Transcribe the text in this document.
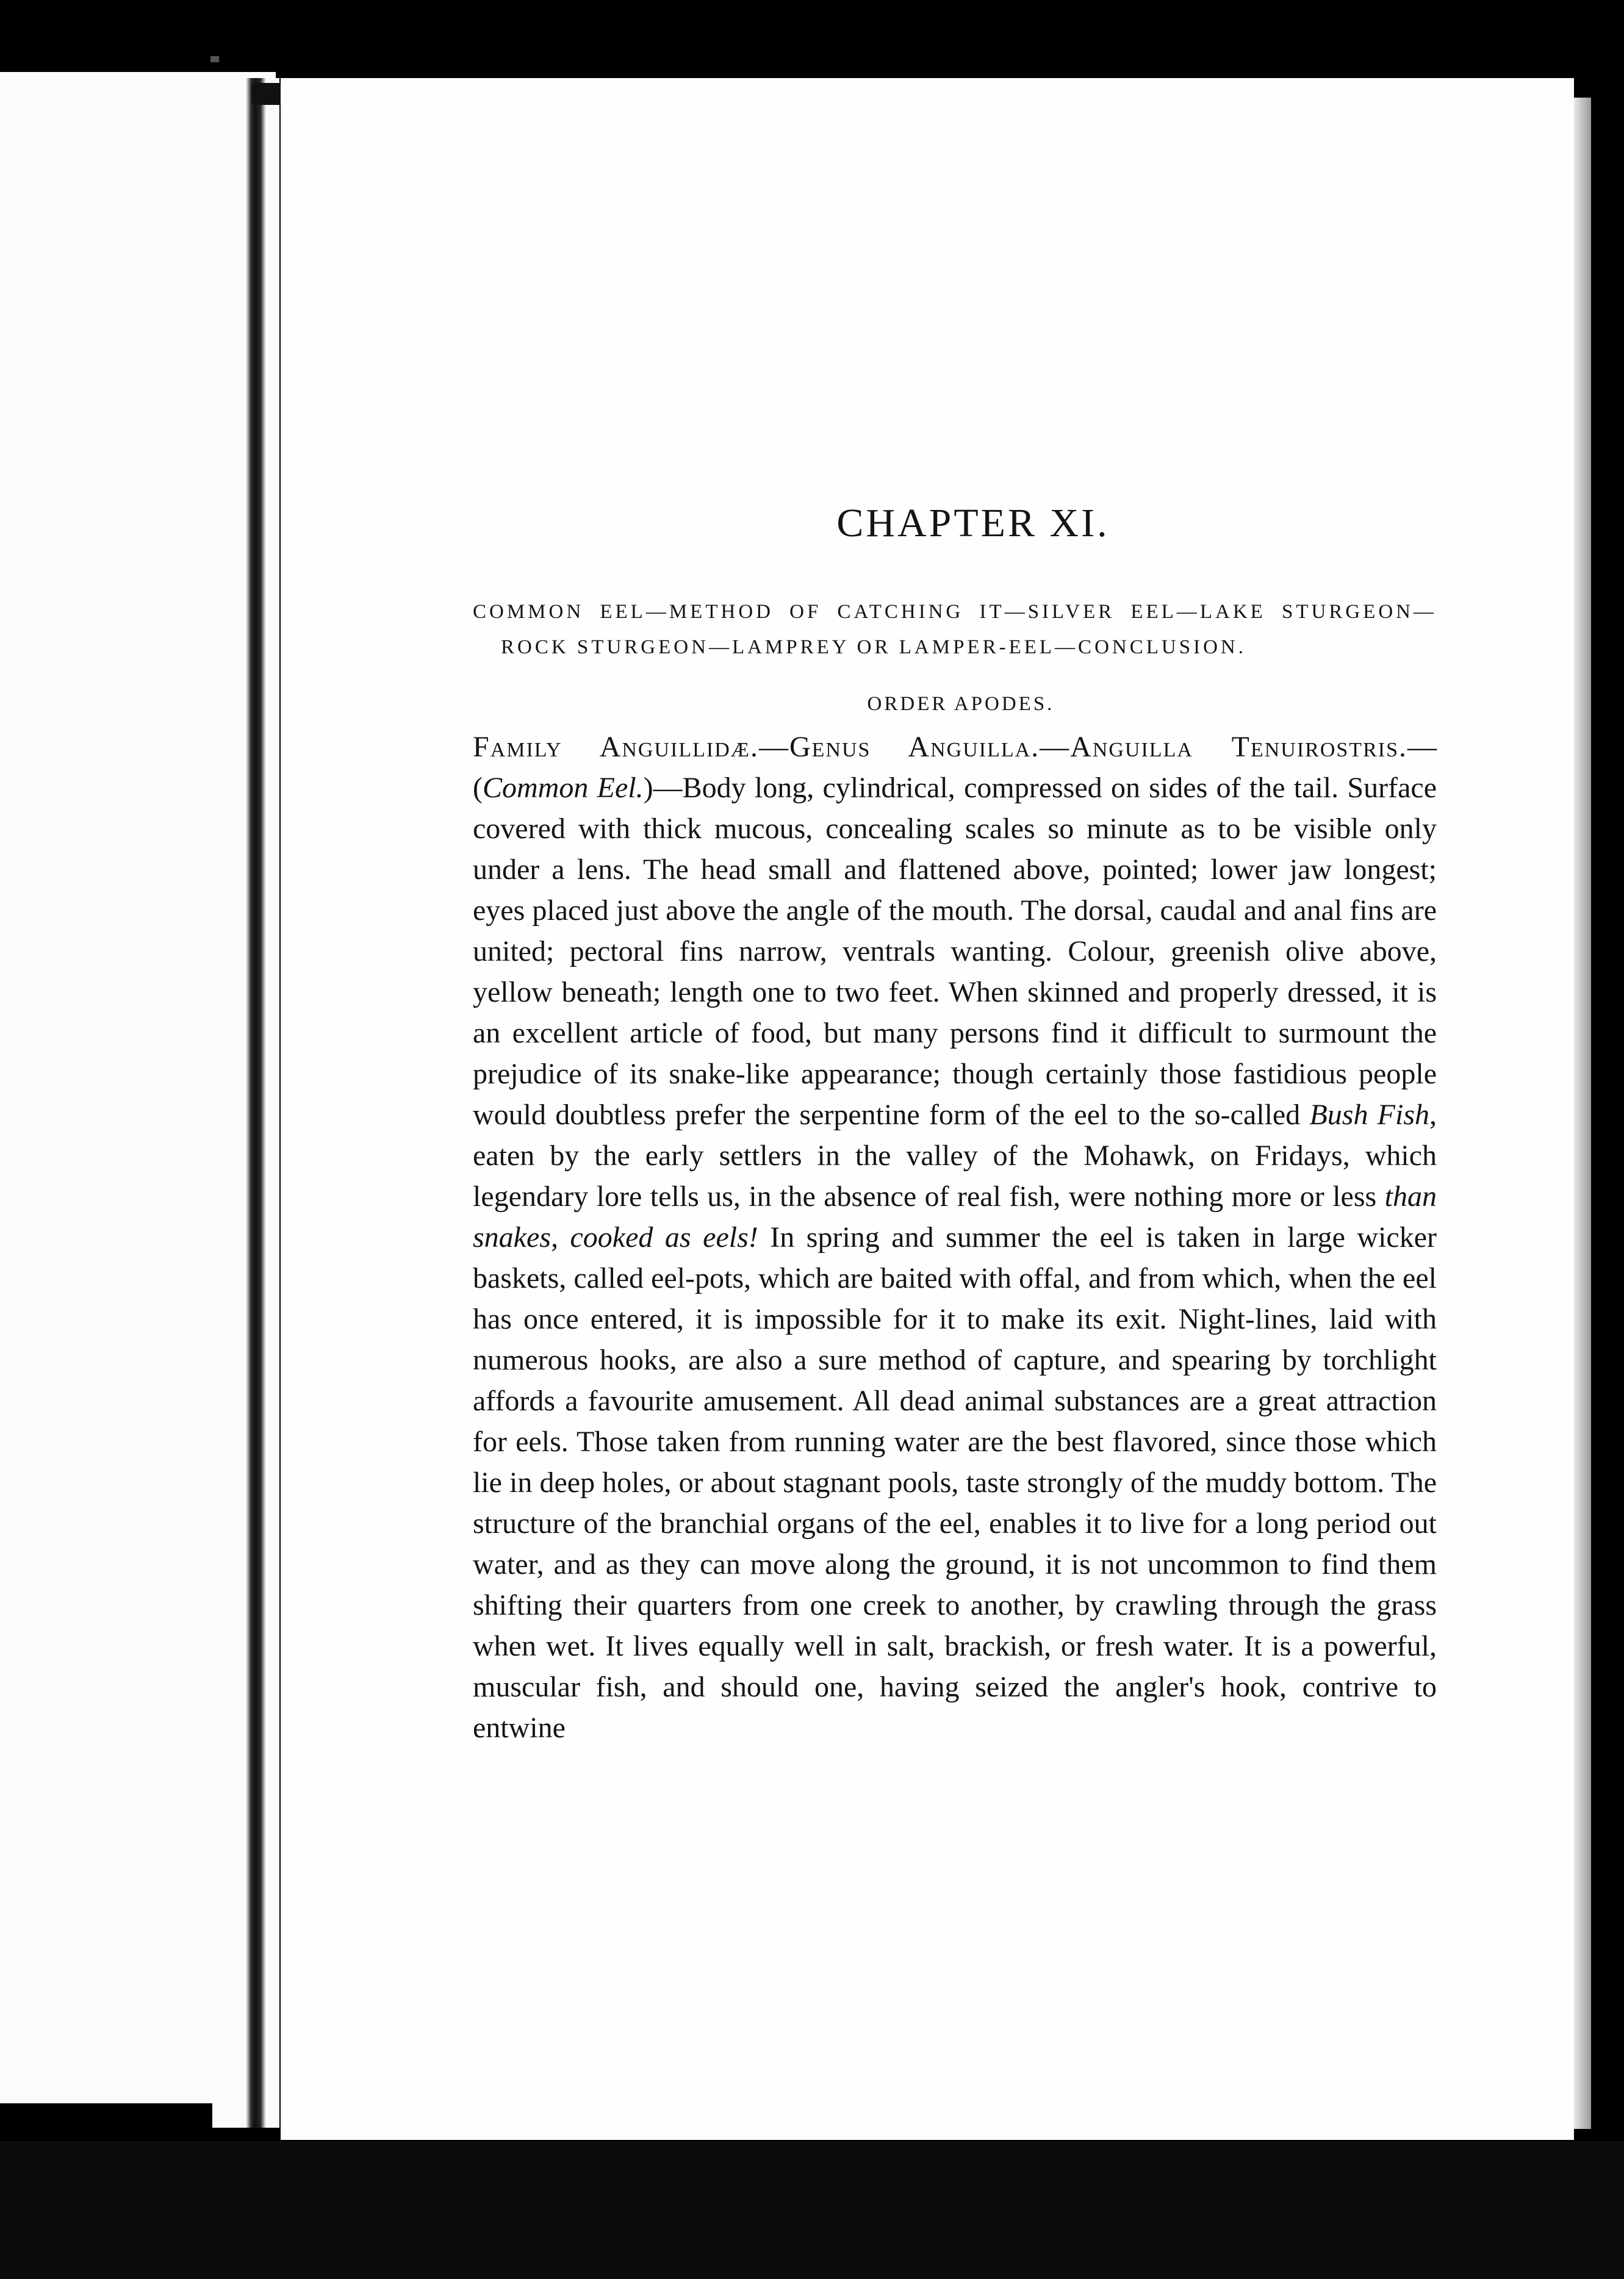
CHAPTER XI.

COMMON EEL—METHOD OF CATCHING IT—SILVER EEL—LAKE STURGEON—ROCK STURGEON—LAMPREY OR LAMPER-EEL—CONCLUSION.

ORDER APODES.

Family Anguillidæ.—Genus Anguilla.—Anguilla Tenuirostris.—(Common Eel.)—Body long, cylindrical, compressed on sides of the tail. Surface covered with thick mucous, concealing scales so minute as to be visible only under a lens. The head small and flattened above, pointed; lower jaw longest; eyes placed just above the angle of the mouth. The dorsal, caudal and anal fins are united; pectoral fins narrow, ventrals wanting. Colour, greenish olive above, yellow beneath; length one to two feet. When skinned and properly dressed, it is an excellent article of food, but many persons find it difficult to surmount the prejudice of its snake-like appearance; though certainly those fastidious people would doubtless prefer the serpentine form of the eel to the so-called Bush Fish, eaten by the early settlers in the valley of the Mohawk, on Fridays, which legendary lore tells us, in the absence of real fish, were nothing more or less than snakes, cooked as eels! In spring and summer the eel is taken in large wicker baskets, called eel-pots, which are baited with offal, and from which, when the eel has once entered, it is impossible for it to make its exit. Night-lines, laid with numerous hooks, are also a sure method of capture, and spearing by torchlight affords a favourite amusement. All dead animal substances are a great attraction for eels. Those taken from running water are the best flavored, since those which lie in deep holes, or about stagnant pools, taste strongly of the muddy bottom. The structure of the branchial organs of the eel, enables it to live for a long period out water, and as they can move along the ground, it is not uncommon to find them shifting their quarters from one creek to another, by crawling through the grass when wet. It lives equally well in salt, brackish, or fresh water. It is a powerful, muscular fish, and should one, having seized the angler's hook, contrive to entwine
